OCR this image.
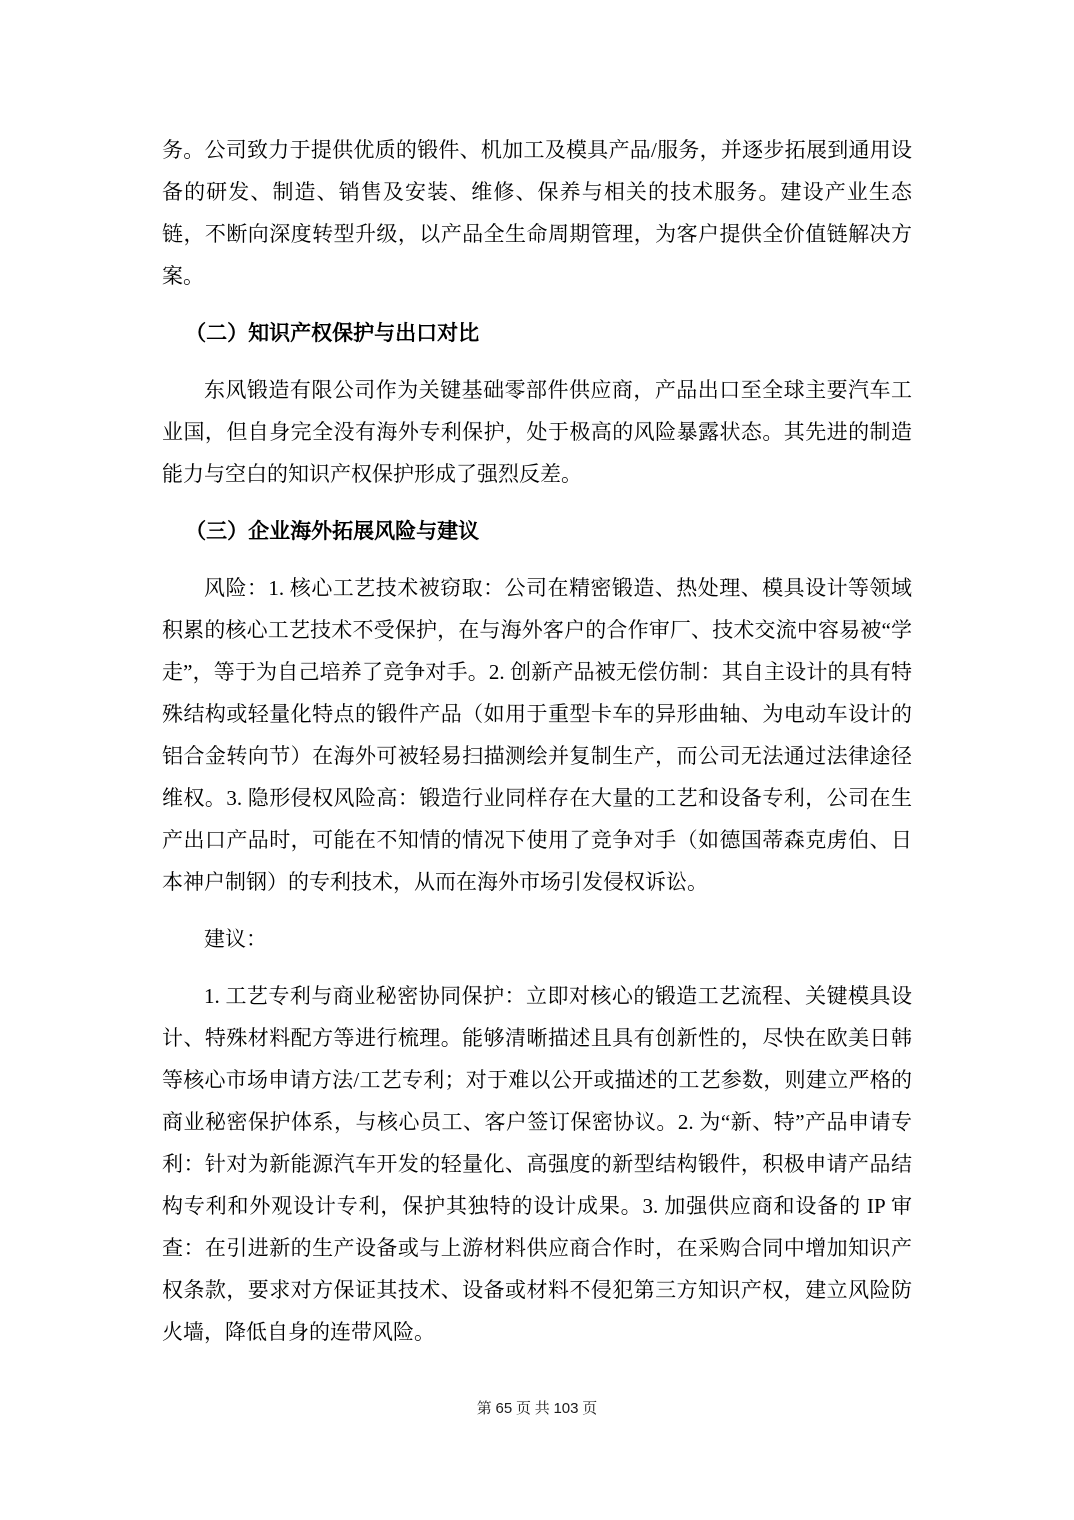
务。公司致力于提供优质的锻件、机加工及模具产品/服务，并逐步拓展到通用设备的研发、制造、销售及安装、维修、保养与相关的技术服务。建设产业生态链，不断向深度转型升级，以产品全生命周期管理，为客户提供全价值链解决方案。

（二）知识产权保护与出口对比

东风锻造有限公司作为关键基础零部件供应商，产品出口至全球主要汽车工业国，但自身完全没有海外专利保护，处于极高的风险暴露状态。其先进的制造能力与空白的知识产权保护形成了强烈反差。

（三）企业海外拓展风险与建议

风险：1. 核心工艺技术被窃取：公司在精密锻造、热处理、模具设计等领域积累的核心工艺技术不受保护，在与海外客户的合作审厂、技术交流中容易被“学走”，等于为自己培养了竞争对手。2. 创新产品被无偿仿制：其自主设计的具有特殊结构或轻量化特点的锻件产品（如用于重型卡车的异形曲轴、为电动车设计的铝合金转向节）在海外可被轻易扫描测绘并复制生产，而公司无法通过法律途径维权。3. 隐形侵权风险高：锻造行业同样存在大量的工艺和设备专利，公司在生产出口产品时，可能在不知情的情况下使用了竞争对手（如德国蒂森克虏伯、日本神户制钢）的专利技术，从而在海外市场引发侵权诉讼。

建议：

1. 工艺专利与商业秘密协同保护：立即对核心的锻造工艺流程、关键模具设计、特殊材料配方等进行梳理。能够清晰描述且具有创新性的，尽快在欧美日韩等核心市场申请方法/工艺专利；对于难以公开或描述的工艺参数，则建立严格的商业秘密保护体系，与核心员工、客户签订保密协议。2. 为“新、特”产品申请专利：针对为新能源汽车开发的轻量化、高强度的新型结构锻件，积极申请产品结构专利和外观设计专利，保护其独特的设计成果。3. 加强供应商和设备的 IP 审查：在引进新的生产设备或与上游材料供应商合作时，在采购合同中增加知识产权条款，要求对方保证其技术、设备或材料不侵犯第三方知识产权，建立风险防火墙，降低自身的连带风险。

第 65 页 共 103 页
